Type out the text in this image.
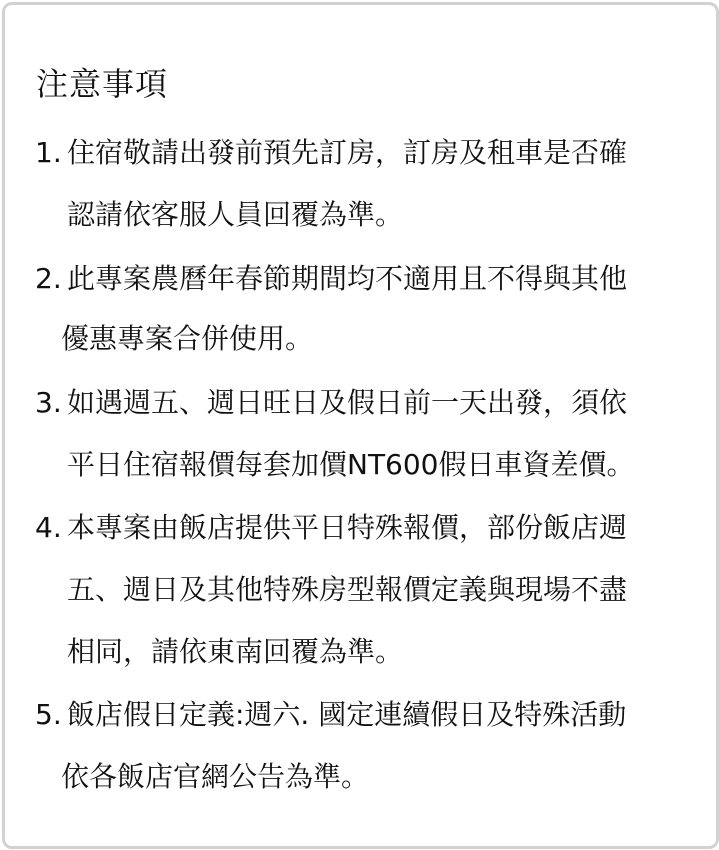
注意事項
1. 住宿敬請出發前預先訂房，訂房及租車是否確
認請依客服人員回覆為準。
2. 此專案農曆年春節期間均不適用且不得與其他
優惠專案合併使用。
3. 如遇週五、週日旺日及假日前一天出發，須依
平日住宿報價每套加價NT600假日車資差價。
4. 本專案由飯店提供平日特殊報價，部份飯店週
五、週日及其他特殊房型報價定義與現場不盡
相同，請依東南回覆為準。
5. 飯店假日定義:週六. 國定連續假日及特殊活動
依各飯店官網公告為準。
